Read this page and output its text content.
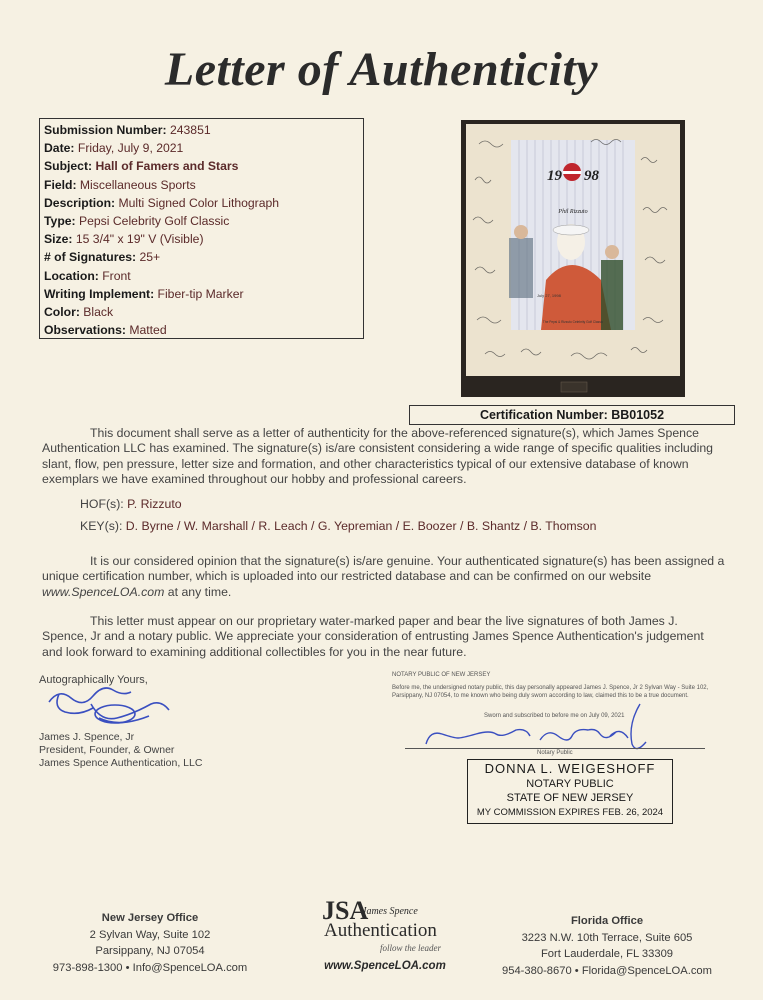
Letter of Authenticity
Submission Number: 243851
Date: Friday, July 9, 2021
Subject: Hall of Famers and Stars
Field: Miscellaneous Sports
Description: Multi Signed Color Lithograph
Type: Pepsi Celebrity Golf Classic
Size: 15 3/4" x 19" V (Visible)
# of Signatures: 25+
Location: Front
Writing Implement: Fiber-tip Marker
Color: Black
Observations: Matted
19 98
Phil Rizzuto
July 27, 1998
The Pepsi & Rizzuto Celebrity Golf Classic
Certification Number: BB01052
This document shall serve as a letter of authenticity for the above-referenced signature(s), which James Spence Authentication LLC has examined. The signature(s) is/are consistent considering a wide range of specific qualities including slant, flow, pen pressure, letter size and formation, and other characteristics typical of our extensive database of known exemplars we have examined throughout our hobby and professional careers.
HOF(s): P. Rizzuto
KEY(s): D. Byrne / W. Marshall / R. Leach / G. Yepremian / E. Boozer / B. Shantz / B. Thomson
It is our considered opinion that the signature(s) is/are genuine. Your authenticated signature(s) has been assigned a unique certification number, which is uploaded into our restricted database and can be confirmed on our website www.SpenceLOA.com at any time.
This letter must appear on our proprietary water-marked paper and bear the live signatures of both James J. Spence, Jr and a notary public. We appreciate your consideration of entrusting James Spence Authentication's judgement and look forward to examining additional collectibles for you in the near future.
Autographically Yours,
James J. Spence, Jr
President, Founder, & Owner
James Spence Authentication, LLC
NOTARY PUBLIC OF NEW JERSEY
Before me, the undersigned notary public, this day personally appeared James J. Spence, Jr 2 Sylvan Way - Suite 102, Parsippany, NJ 07054, to me known who being duly sworn according to law, claimed this to be a true document.
Sworn and subscribed to before me on July 09, 2021
Notary Public
DONNA L. WEIGESHOFF
NOTARY PUBLIC
STATE OF NEW JERSEY
MY COMMISSION EXPIRES FEB. 26, 2024
New Jersey Office
2 Sylvan Way, Suite 102
Parsippany, NJ 07054
973-898-1300 • Info@SpenceLOA.com
JSA
James Spence
Authentication
follow the leader
www.SpenceLOA.com
Florida Office
3223 N.W. 10th Terrace, Suite 605
Fort Lauderdale, FL 33309
954-380-8670 • Florida@SpenceLOA.com
